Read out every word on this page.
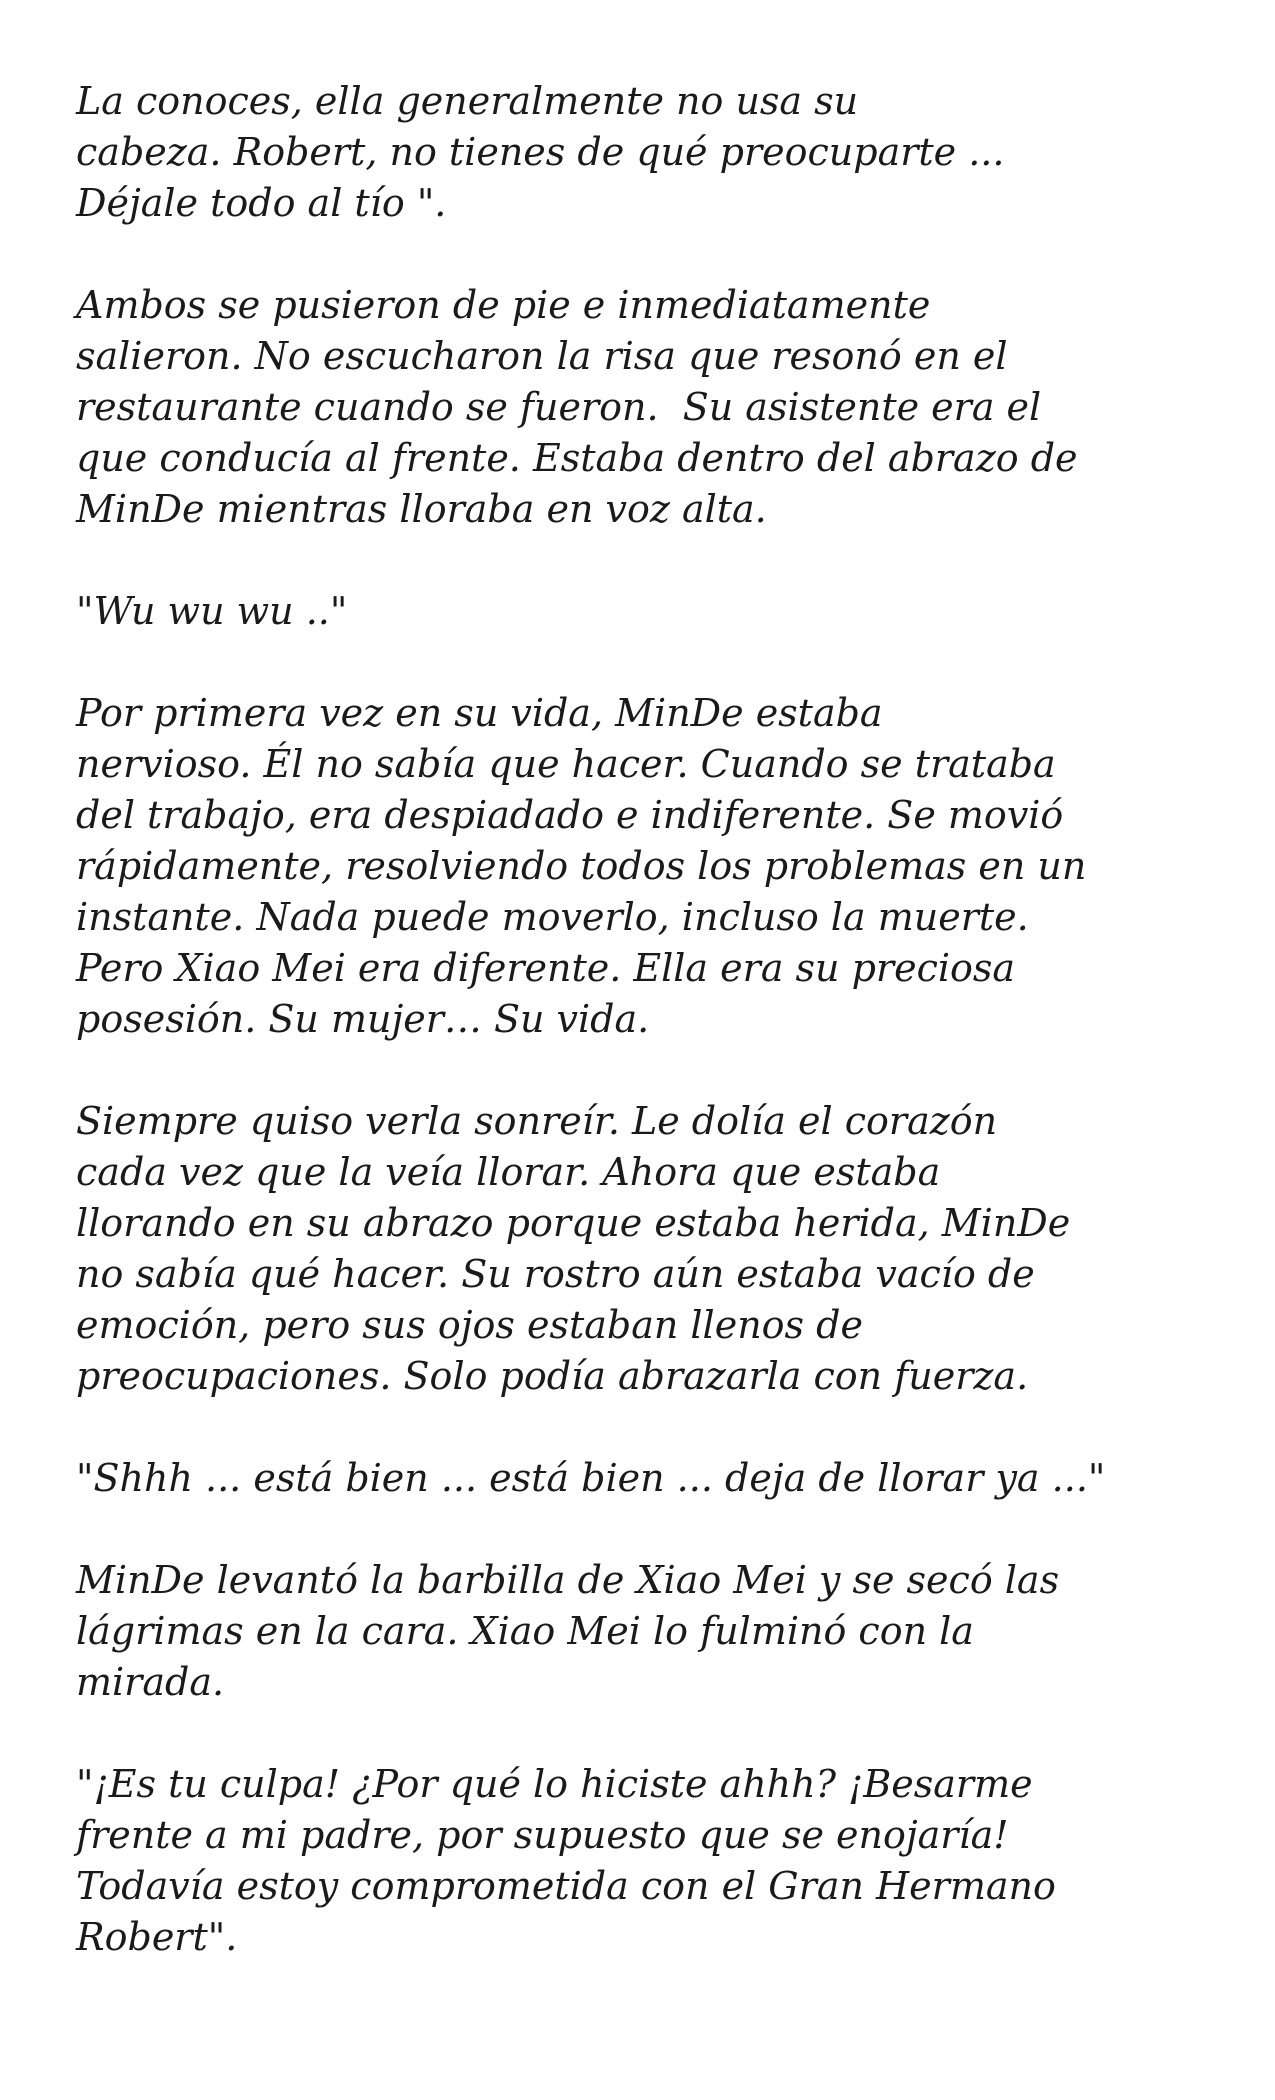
La conoces, ella generalmente no usa su
cabeza. Robert, no tienes de qué preocuparte ...
Déjale todo al tío ".

Ambos se pusieron de pie e inmediatamente
salieron. No escucharon la risa que resonó en el
restaurante cuando se fueron.  Su asistente era el
que conducía al frente. Estaba dentro del abrazo de
MinDe mientras lloraba en voz alta.

"Wu wu wu .."

Por primera vez en su vida, MinDe estaba
nervioso. Él no sabía que hacer. Cuando se trataba
del trabajo, era despiadado e indiferente. Se movió
rápidamente, resolviendo todos los problemas en un
instante. Nada puede moverlo, incluso la muerte.
Pero Xiao Mei era diferente. Ella era su preciosa
posesión. Su mujer… Su vida.

Siempre quiso verla sonreír. Le dolía el corazón
cada vez que la veía llorar. Ahora que estaba
llorando en su abrazo porque estaba herida, MinDe
no sabía qué hacer. Su rostro aún estaba vacío de
emoción, pero sus ojos estaban llenos de
preocupaciones. Solo podía abrazarla con fuerza.

"Shhh ... está bien ... está bien ... deja de llorar ya ..."

MinDe levantó la barbilla de Xiao Mei y se secó las
lágrimas en la cara. Xiao Mei lo fulminó con la
mirada.

"¡Es tu culpa! ¿Por qué lo hiciste ahhh? ¡Besarme
frente a mi padre, por supuesto que se enojaría!
Todavía estoy comprometida con el Gran Hermano
Robert".
